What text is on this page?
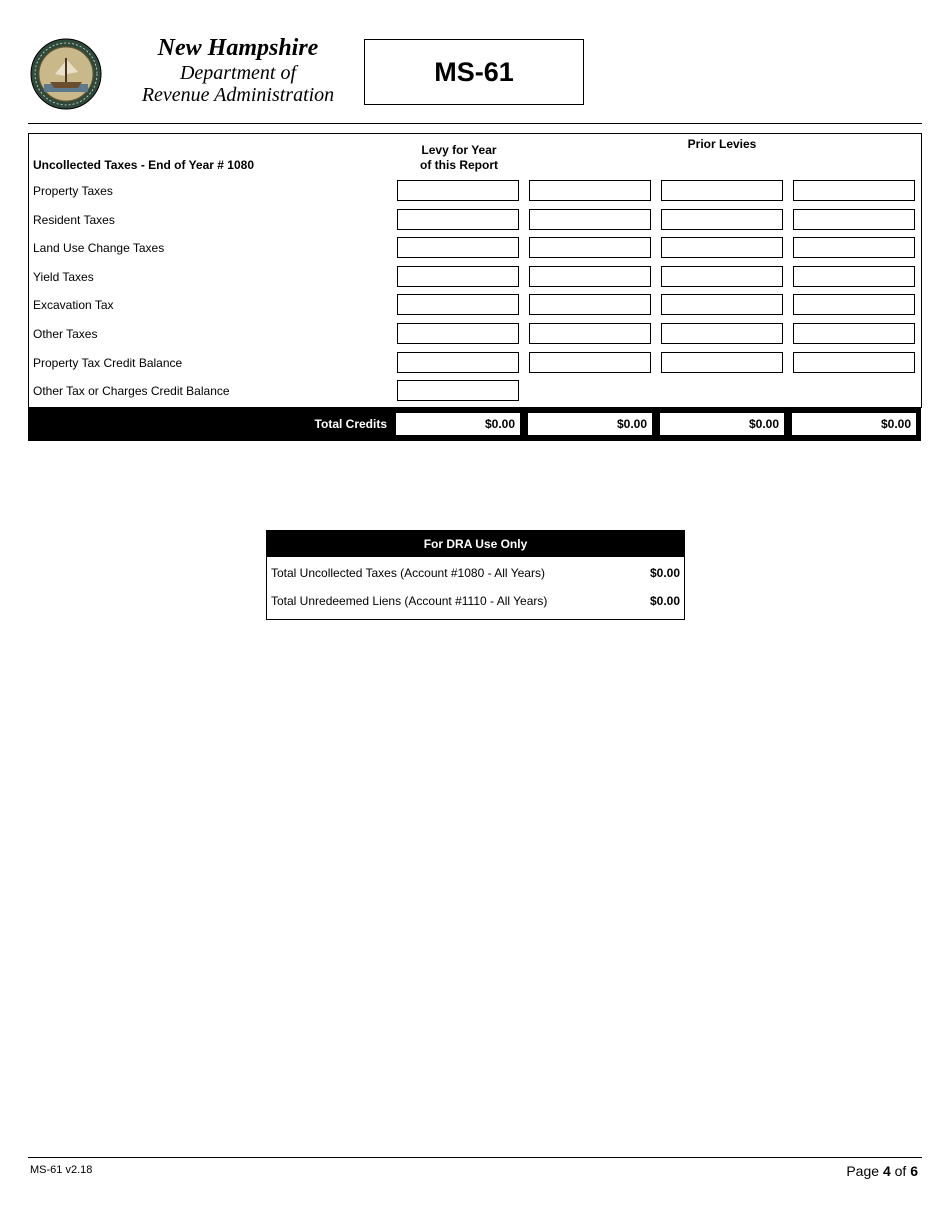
New Hampshire
Department of
Revenue Administration
MS-61
Uncollected Taxes - End of Year # 1080
Levy for Year
of this Report
Prior Levies
Property Taxes
Resident Taxes
Land Use Change Taxes
Yield Taxes
Excavation Tax
Other Taxes
Property Tax Credit Balance
Other Tax or Charges Credit Balance
Total Credits	$0.00	$0.00	$0.00	$0.00
For DRA Use Only
Total Uncollected Taxes (Account #1080 - All Years)	$0.00
Total Unredeemed Liens (Account #1110 - All Years)	$0.00
MS-61 v2.18	Page 4 of 6
